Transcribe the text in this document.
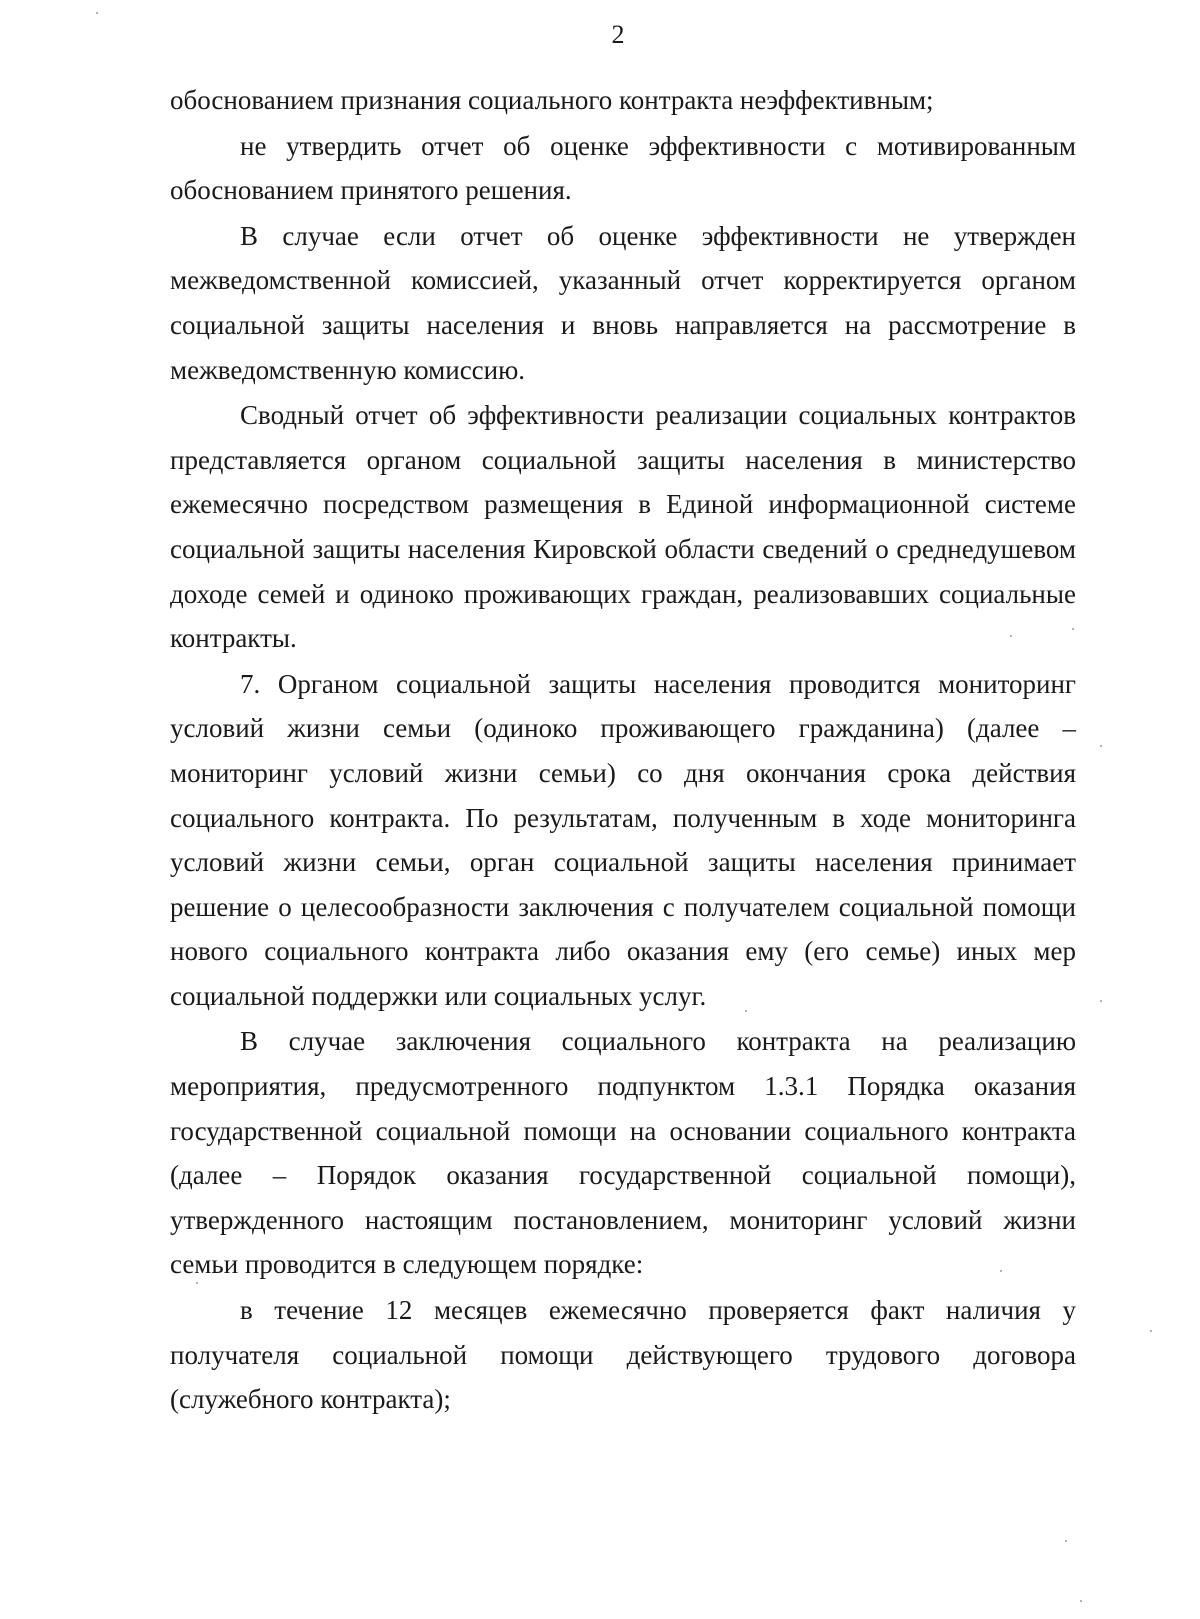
2

обоснованием признания социального контракта неэффективным;

не утвердить отчет об оценке эффективности с мотивированным обоснованием принятого решения.

В случае если отчет об оценке эффективности не утвержден межведомственной комиссией, указанный отчет корректируется органом социальной защиты населения и вновь направляется на рассмотрение в межведомственную комиссию.

Сводный отчет об эффективности реализации социальных контрактов представляется органом социальной защиты населения в министерство ежемесячно посредством размещения в Единой информационной системе социальной защиты населения Кировской области сведений о среднедушевом доходе семей и одиноко проживающих граждан, реализовавших социальные контракты.

7. Органом социальной защиты населения проводится мониторинг условий жизни семьи (одиноко проживающего гражданина) (далее – мониторинг условий жизни семьи) со дня окончания срока действия социального контракта. По результатам, полученным в ходе мониторинга условий жизни семьи, орган социальной защиты населения принимает решение о целесообразности заключения с получателем социальной помощи нового социального контракта либо оказания ему (его семье) иных мер социальной поддержки или социальных услуг.

В случае заключения социального контракта на реализацию мероприятия, предусмотренного подпунктом 1.3.1 Порядка оказания государственной социальной помощи на основании социального контракта (далее – Порядок оказания государственной социальной помощи), утвержденного настоящим постановлением, мониторинг условий жизни семьи проводится в следующем порядке:

в течение 12 месяцев ежемесячно проверяется факт наличия у получателя социальной помощи действующего трудового договора (служебного контракта);
